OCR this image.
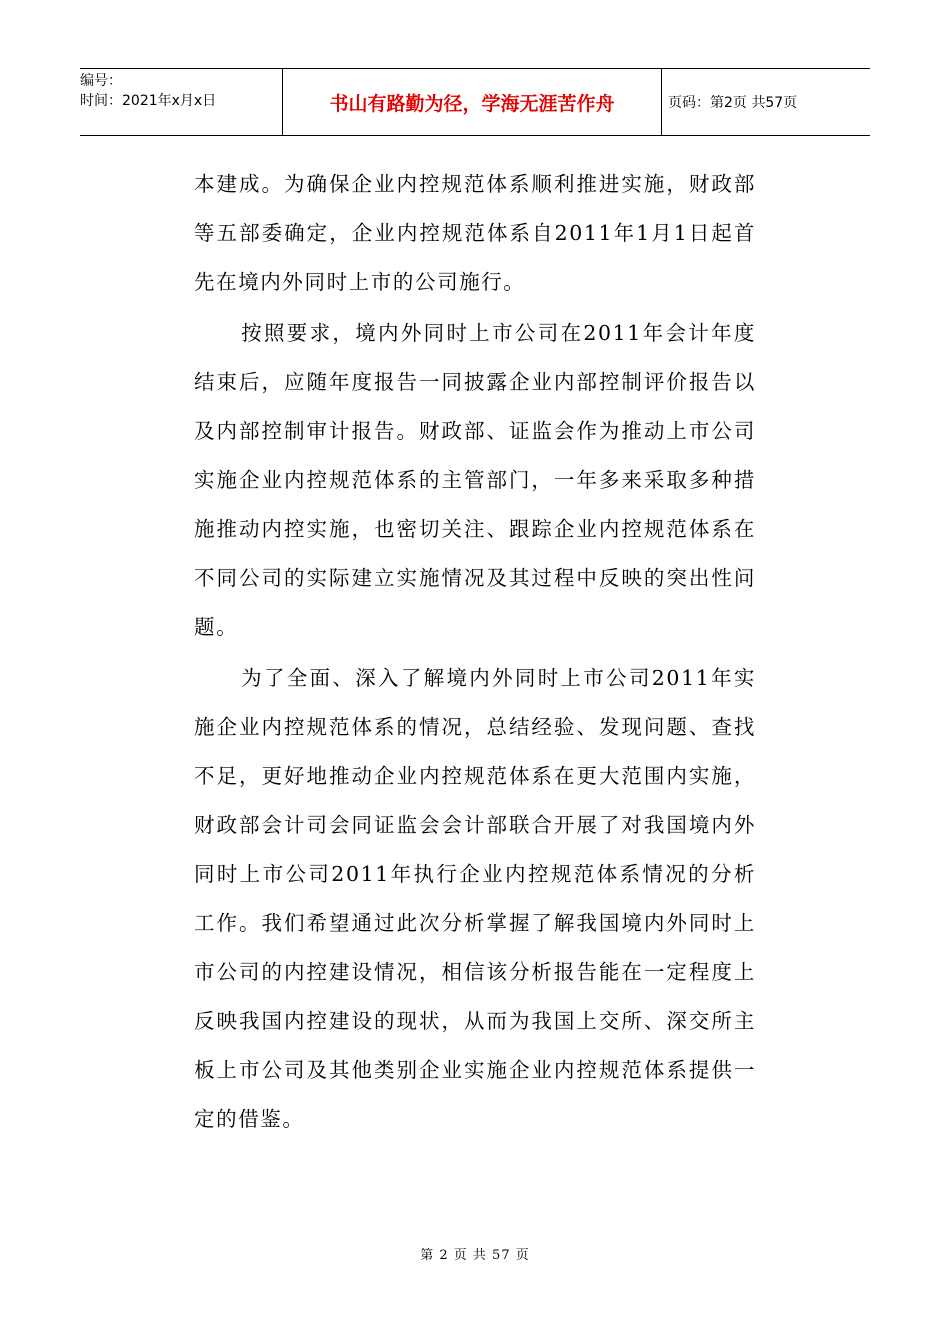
编号：
时间：2021年x月x日	书山有路勤为径，学海无涯苦作舟	页码：第2页 共57页

本建成。为确保企业内控规范体系顺利推进实施，财政部等五部委确定，企业内控规范体系自2011年1月1日起首先在境内外同时上市的公司施行。

按照要求，境内外同时上市公司在2011年会计年度结束后，应随年度报告一同披露企业内部控制评价报告以及内部控制审计报告。财政部、证监会作为推动上市公司实施企业内控规范体系的主管部门，一年多来采取多种措施推动内控实施，也密切关注、跟踪企业内控规范体系在不同公司的实际建立实施情况及其过程中反映的突出性问题。

为了全面、深入了解境内外同时上市公司2011年实施企业内控规范体系的情况，总结经验、发现问题、查找不足，更好地推动企业内控规范体系在更大范围内实施，财政部会计司会同证监会会计部联合开展了对我国境内外同时上市公司2011年执行企业内控规范体系情况的分析工作。我们希望通过此次分析掌握了解我国境内外同时上市公司的内控建设情况，相信该分析报告能在一定程度上反映我国内控建设的现状，从而为我国上交所、深交所主板上市公司及其他类别企业实施企业内控规范体系提供一定的借鉴。

第 2 页 共 57 页
